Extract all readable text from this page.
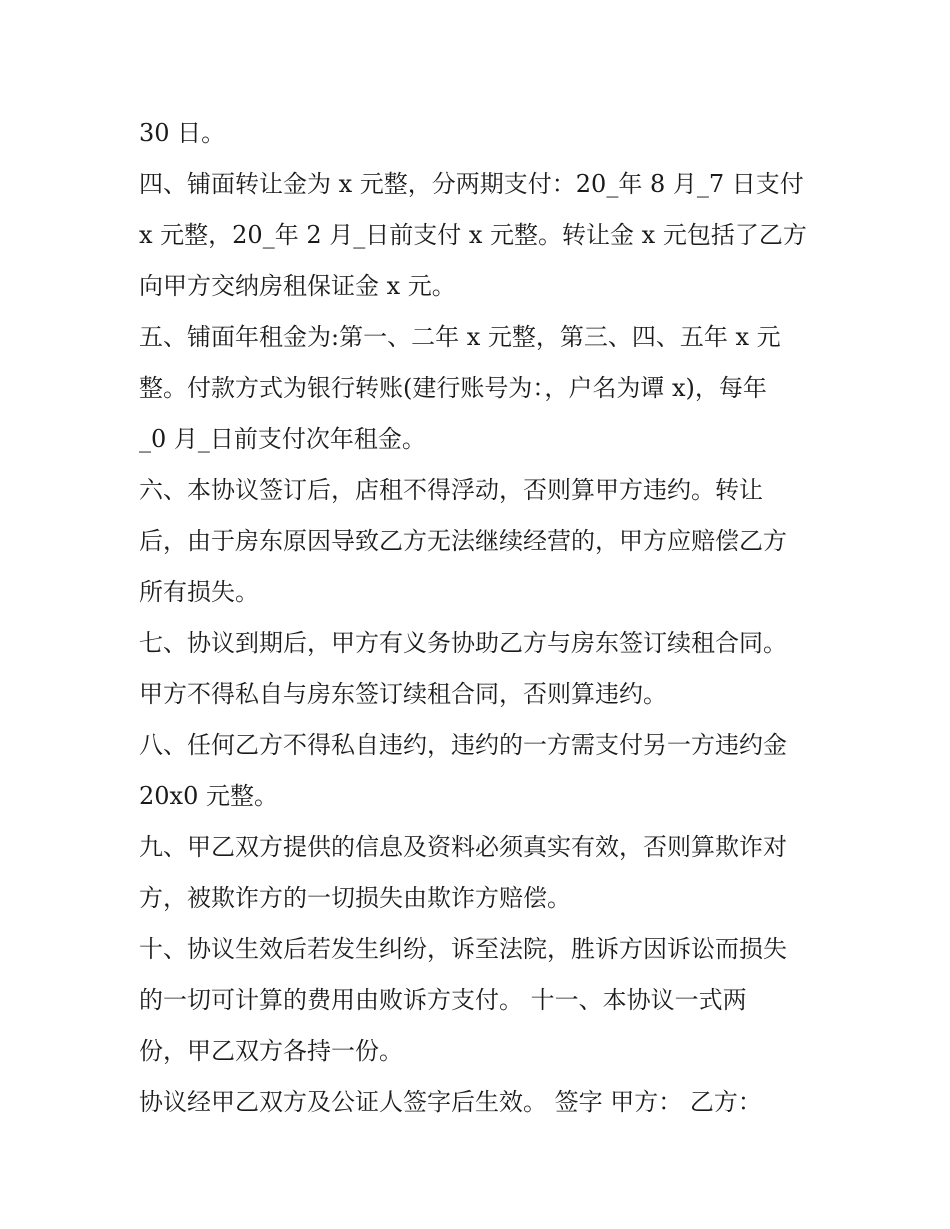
30 日。

四、铺面转让金为 x 元整，分两期支付：20_年 8 月_7 日支付

x 元整，20_年 2 月_日前支付 x 元整。转让金 x 元包括了乙方

向甲方交纳房租保证金 x 元。

五、铺面年租金为:第一、二年 x 元整，第三、四、五年 x 元

整。付款方式为银行转账(建行账号为：，户名为谭 x)，每年

_0 月_日前支付次年租金。

六、本协议签订后，店租不得浮动，否则算甲方违约。转让

后，由于房东原因导致乙方无法继续经营的，甲方应赔偿乙方

所有损失。

七、协议到期后，甲方有义务协助乙方与房东签订续租合同。

甲方不得私自与房东签订续租合同，否则算违约。

八、任何乙方不得私自违约，违约的一方需支付另一方违约金

20x0 元整。

九、甲乙双方提供的信息及资料必须真实有效，否则算欺诈对

方，被欺诈方的一切损失由欺诈方赔偿。

十、协议生效后若发生纠纷，诉至法院，胜诉方因诉讼而损失

的一切可计算的费用由败诉方支付。 十一、本协议一式两

份，甲乙双方各持一份。

协议经甲乙双方及公证人签字后生效。 签字 甲方： 乙方：
